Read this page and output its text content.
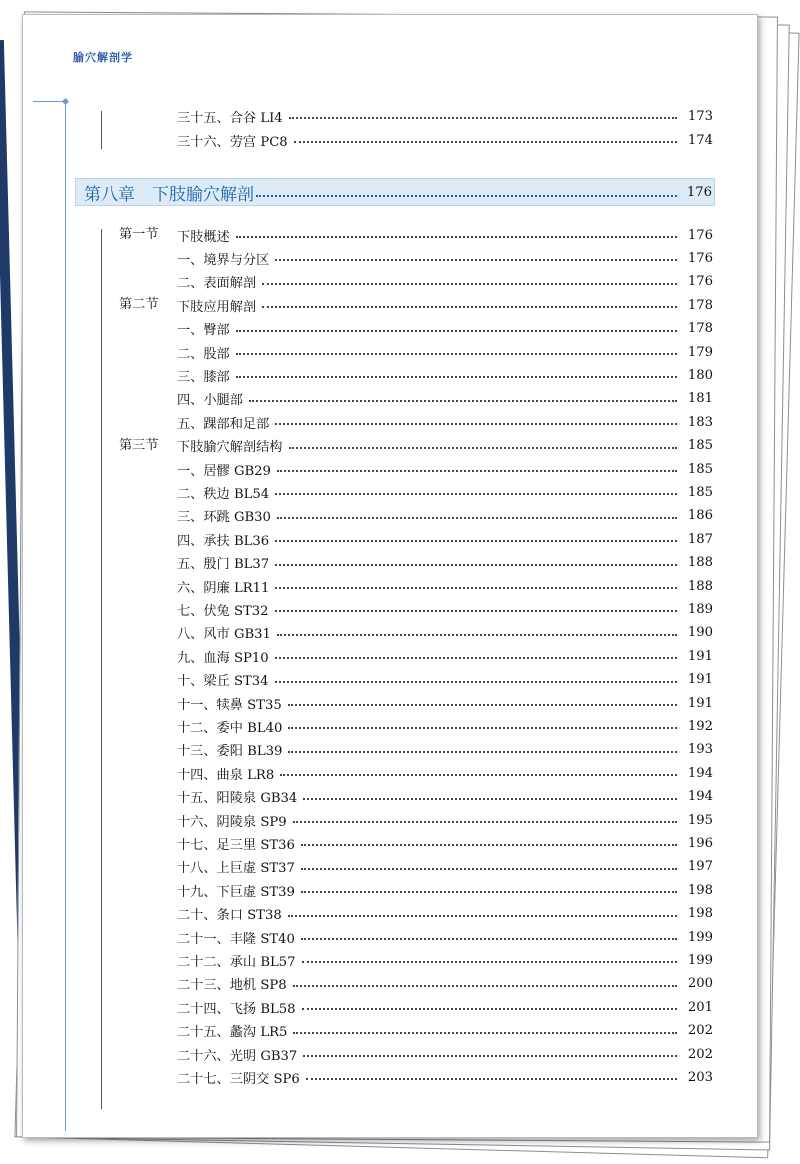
腧穴解剖学
三十五、合谷 LI4	173
三十六、劳宫 PC8	174
第八章　下肢腧穴解剖	176
第一节 下肢概述	176
一、境界与分区	176
二、表面解剖	176
第二节 下肢应用解剖	178
一、臀部	178
二、股部	179
三、膝部	180
四、小腿部	181
五、踝部和足部	183
第三节 下肢腧穴解剖结构	185
一、居髎 GB29	185
二、秩边 BL54	185
三、环跳 GB30	186
四、承扶 BL36	187
五、殷门 BL37	188
六、阴廉 LR11	188
七、伏兔 ST32	189
八、风市 GB31	190
九、血海 SP10	191
十、梁丘 ST34	191
十一、犊鼻 ST35	191
十二、委中 BL40	192
十三、委阳 BL39	193
十四、曲泉 LR8	194
十五、阳陵泉 GB34	194
十六、阴陵泉 SP9	195
十七、足三里 ST36	196
十八、上巨虚 ST37	197
十九、下巨虚 ST39	198
二十、条口 ST38	198
二十一、丰隆 ST40	199
二十二、承山 BL57	199
二十三、地机 SP8	200
二十四、飞扬 BL58	201
二十五、蠡沟 LR5	202
二十六、光明 GB37	202
二十七、三阴交 SP6	203
